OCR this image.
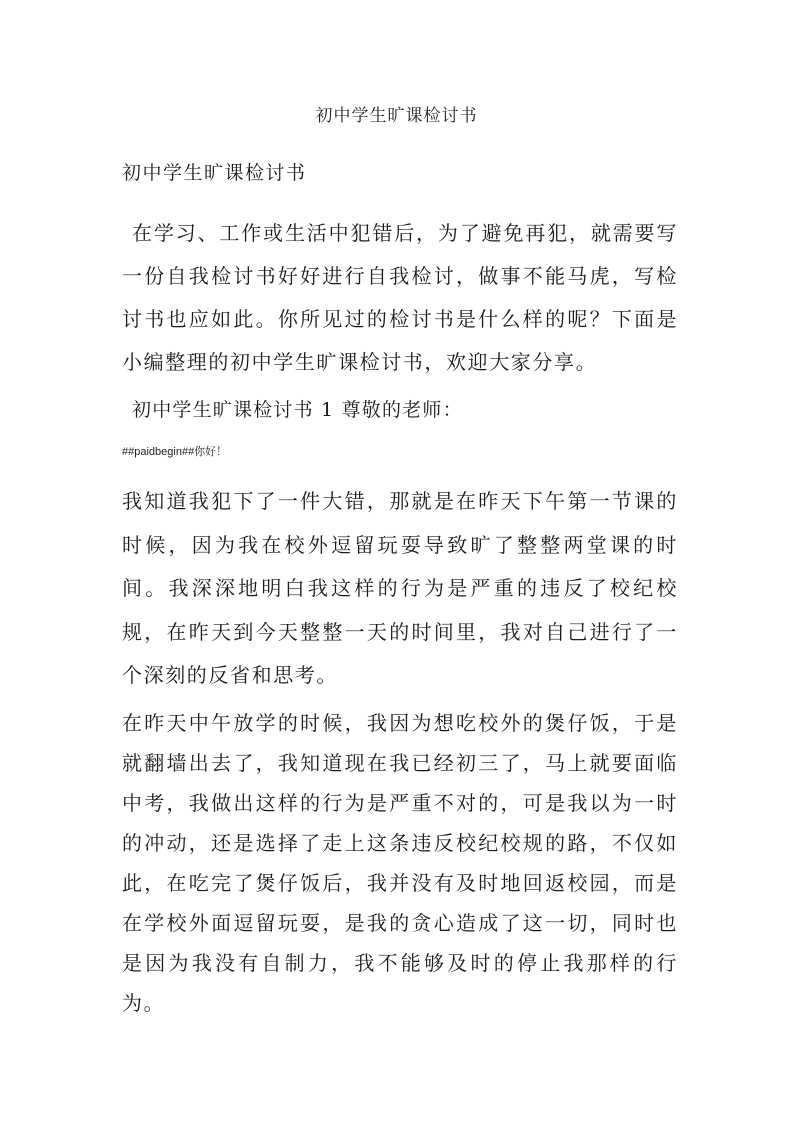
初中学生旷课检讨书
初中学生旷课检讨书

在学习、工作或生活中犯错后，为了避免再犯，就需要写一份自我检讨书好好进行自我检讨，做事不能马虎，写检讨书也应如此。你所见过的检讨书是什么样的呢？下面是小编整理的初中学生旷课检讨书，欢迎大家分享。

初中学生旷课检讨书 1 尊敬的老师：

##paidbegin##你好！

我知道我犯下了一件大错，那就是在昨天下午第一节课的时候，因为我在校外逗留玩耍导致旷了整整两堂课的时间。我深深地明白我这样的行为是严重的违反了校纪校规，在昨天到今天整整一天的时间里，我对自己进行了一个深刻的反省和思考。

在昨天中午放学的时候，我因为想吃校外的煲仔饭，于是就翻墙出去了，我知道现在我已经初三了，马上就要面临中考，我做出这样的行为是严重不对的，可是我以为一时的冲动，还是选择了走上这条违反校纪校规的路，不仅如此，在吃完了煲仔饭后，我并没有及时地回返校园，而是在学校外面逗留玩耍，是我的贪心造成了这一切，同时也是因为我没有自制力，我不能够及时的停止我那样的行为。
